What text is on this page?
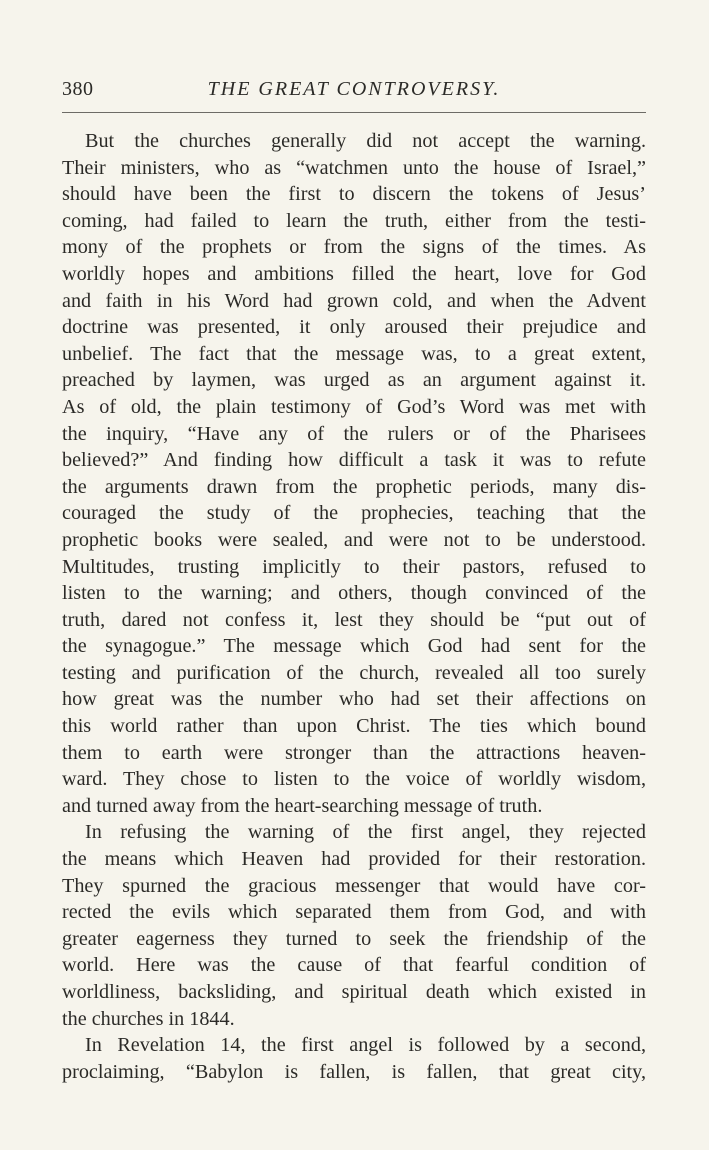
380	THE GREAT CONTROVERSY.
But the churches generally did not accept the warning.
Their ministers, who as “watchmen unto the house of Israel,”
should have been the first to discern the tokens of Jesus’
coming, had failed to learn the truth, either from the testi-
mony of the prophets or from the signs of the times. As
worldly hopes and ambitions filled the heart, love for God
and faith in his Word had grown cold, and when the Advent
doctrine was presented, it only aroused their prejudice and
unbelief. The fact that the message was, to a great extent,
preached by laymen, was urged as an argument against it.
As of old, the plain testimony of God’s Word was met with
the inquiry, “Have any of the rulers or of the Pharisees
believed?” And finding how difficult a task it was to refute
the arguments drawn from the prophetic periods, many dis-
couraged the study of the prophecies, teaching that the
prophetic books were sealed, and were not to be understood.
Multitudes, trusting implicitly to their pastors, refused to
listen to the warning; and others, though convinced of the
truth, dared not confess it, lest they should be “put out of
the synagogue.” The message which God had sent for the
testing and purification of the church, revealed all too surely
how great was the number who had set their affections on
this world rather than upon Christ. The ties which bound
them to earth were stronger than the attractions heaven-
ward. They chose to listen to the voice of worldly wisdom,
and turned away from the heart-searching message of truth.
In refusing the warning of the first angel, they rejected
the means which Heaven had provided for their restoration.
They spurned the gracious messenger that would have cor-
rected the evils which separated them from God, and with
greater eagerness they turned to seek the friendship of the
world. Here was the cause of that fearful condition of
worldliness, backsliding, and spiritual death which existed in
the churches in 1844.
In Revelation 14, the first angel is followed by a second,
proclaiming, “Babylon is fallen, is fallen, that great city,
